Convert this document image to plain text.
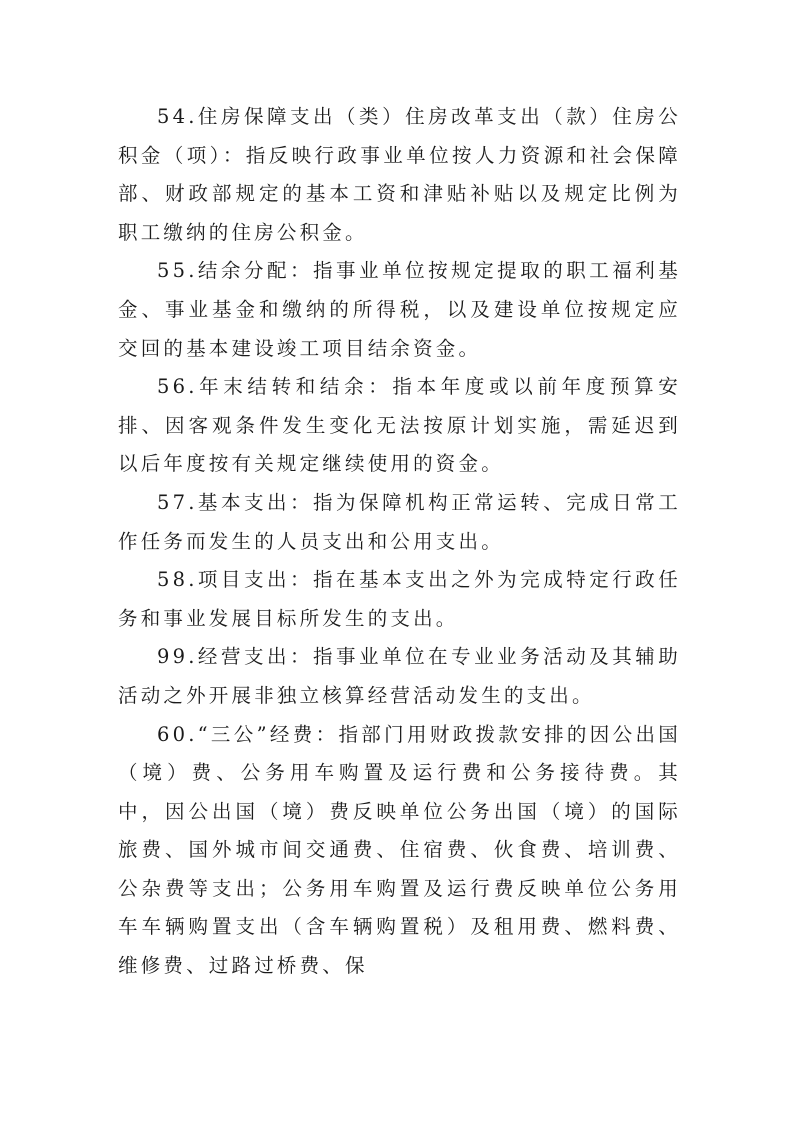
54.住房保障支出（类）住房改革支出（款）住房公积金（项）：指反映行政事业单位按人力资源和社会保障部、财政部规定的基本工资和津贴补贴以及规定比例为职工缴纳的住房公积金。

55.结余分配：指事业单位按规定提取的职工福利基金、事业基金和缴纳的所得税，以及建设单位按规定应交回的基本建设竣工项目结余资金。

56.年末结转和结余：指本年度或以前年度预算安排、因客观条件发生变化无法按原计划实施，需延迟到以后年度按有关规定继续使用的资金。

57.基本支出：指为保障机构正常运转、完成日常工作任务而发生的人员支出和公用支出。

58.项目支出：指在基本支出之外为完成特定行政任务和事业发展目标所发生的支出。

99.经营支出：指事业单位在专业业务活动及其辅助活动之外开展非独立核算经营活动发生的支出。

60.“三公”经费：指部门用财政拨款安排的因公出国（境）费、公务用车购置及运行费和公务接待费。其中，因公出国（境）费反映单位公务出国（境）的国际旅费、国外城市间交通费、住宿费、伙食费、培训费、公杂费等支出；公务用车购置及运行费反映单位公务用车车辆购置支出（含车辆购置税）及租用费、燃料费、维修费、过路过桥费、保
